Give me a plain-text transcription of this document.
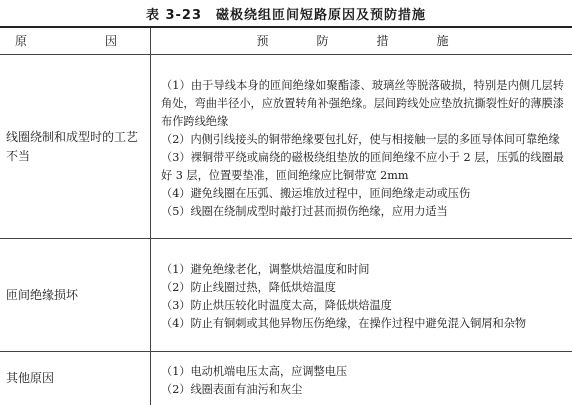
表 3-23　磁极绕组匝间短路原因及预防措施
原　　因	预　防　措　施
线圈绕制和成型时的工艺不当

（1）由于导线本身的匝间绝缘如聚酯漆、玻璃丝等脱落破损，特别是内侧几层转角处，弯曲半径小，应放置转角补强绝缘。层间跨线处应垫放抗撕裂性好的薄膜漆布作跨线绝缘

（2）内侧引线接头的铜带绝缘要包扎好，使与相接触一层的多匝导体间可靠绝缘

（3）裸铜带平绕或扁绕的磁极绕组垫放的匝间绝缘不应小于 2 层，压弧的线圈最好 3 层，位置要垫准，匝间绝缘应比铜带宽 2mm

（4）避免线圈在压弧、搬运堆放过程中，匝间绝缘走动或压伤

（5）线圈在绕制成型时敲打过甚而损伤绝缘，应用力适当

匝间绝缘损坏

（1）避免绝缘老化，调整烘焙温度和时间

（2）防止线圈过热，降低烘焙温度

（3）防止烘压较化时温度太高，降低烘焙温度

（4）防止有铜刺或其他异物压伤绝缘，在操作过程中避免混入铜屑和杂物

其他原因	（1）电动机端电压太高，应调整电压

（2）线圈表面有油污和灰尘
